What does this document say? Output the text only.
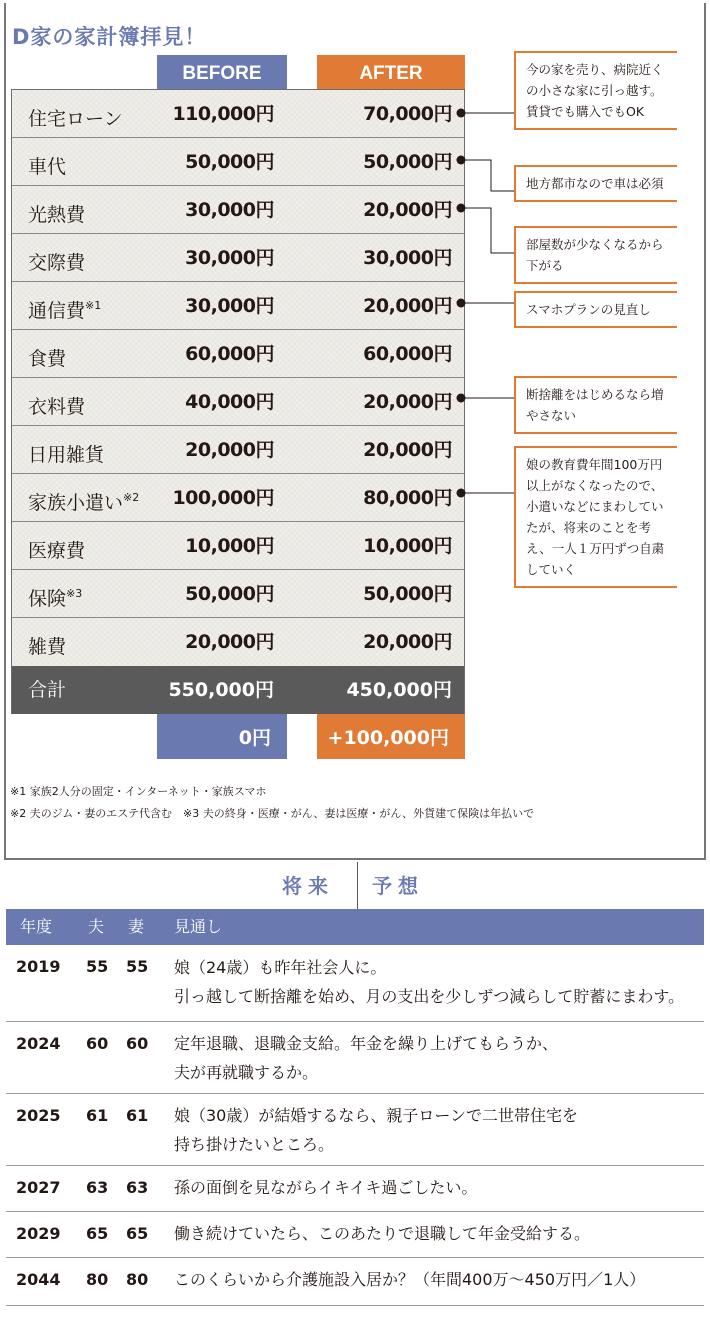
D家の家計簿拝見！
BEFORE	AFTER
住宅ローン	110,000円	70,000円
車代	50,000円	50,000円
光熱費	30,000円	20,000円
交際費	30,000円	30,000円
通信費$^{※1}$	30,000円	20,000円
食費	60,000円	60,000円
衣料費	40,000円	20,000円
日用雑貨	20,000円	20,000円
家族小遣い$^{※2}$	100,000円	80,000円
医療費	10,000円	10,000円
保険$^{※3}$	50,000円	50,000円
雑費	20,000円	20,000円
合計	550,000円	450,000円
0円	+100,000円
今の家を売り、病院近くの小さな家に引っ越す。賃貸でも購入でもOK
地方都市なので車は必須
部屋数が少なくなるから下がる
スマホプランの見直し
断捨離をはじめるなら増やさない
娘の教育費年間100万円以上がなくなったので、小遣いなどにまわしていたが、将来のことを考え、一人１万円ずつ自粛していく
※1 家族2人分の固定・インターネット・家族スマホ
※2 夫のジム・妻のエステ代含む　※3 夫の終身・医療・がん、妻は医療・がん、外貨建て保険は年払いで
将来 予想
年度 夫 妻 見通し
2019 55 55 娘（24歳）も昨年社会人に。
引っ越して断捨離を始め、月の支出を少しずつ減らして貯蓄にまわす。
2024 60 60 定年退職、退職金支給。年金を繰り上げてもらうか、
夫が再就職するか。
2025 61 61 娘（30歳）が結婚するなら、親子ローンで二世帯住宅を
持ち掛けたいところ。
2027 63 63 孫の面倒を見ながらイキイキ過ごしたい。
2029 65 65 働き続けていたら、このあたりで退職して年金受給する。
2044 80 80 このくらいから介護施設入居か？（年間400万～450万円／1人）
